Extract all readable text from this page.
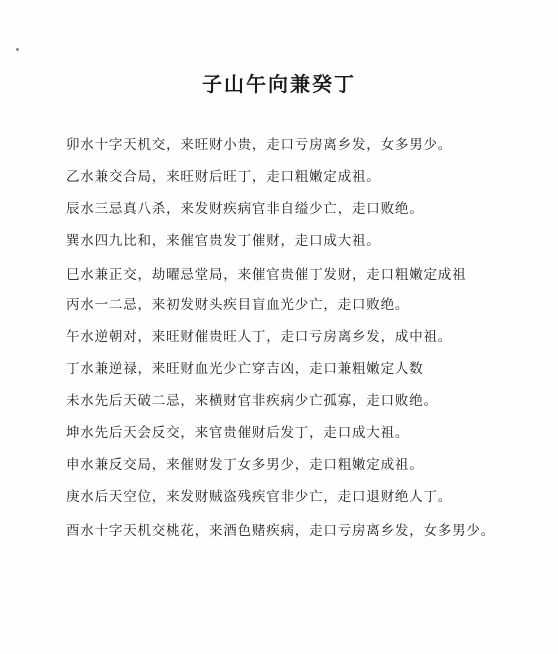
子山午向兼癸丁
卯水十字天机交，来旺财小贵，走口亏房离乡发，女多男少。
乙水兼交合局，来旺财后旺丁，走口粗嫩定成祖。
辰水三忌真八杀，来发财疾病官非自缢少亡，走口败绝。
巽水四九比和，来催官贵发丁催财，走口成大祖。
巳水兼正交，劫曜忌堂局，来催官贵催丁发财，走口粗嫩定成祖
丙水一二忌，来初发财头疾目盲血光少亡，走口败绝。
午水逆朝对，来旺财催贵旺人丁，走口亏房离乡发，成中祖。
丁水兼逆禄，来旺财血光少亡穿吉凶，走口兼粗嫩定人数
未水先后天破二忌，来横财官非疾病少亡孤寡，走口败绝。
坤水先后天会反交，来官贵催财后发丁，走口成大祖。
申水兼反交局，来催财发丁女多男少，走口粗嫩定成祖。
庚水后天空位，来发财贼盗残疾官非少亡，走口退财绝人丁。
酉水十字天机交桃花，来酒色赌疾病，走口亏房离乡发，女多男少。
